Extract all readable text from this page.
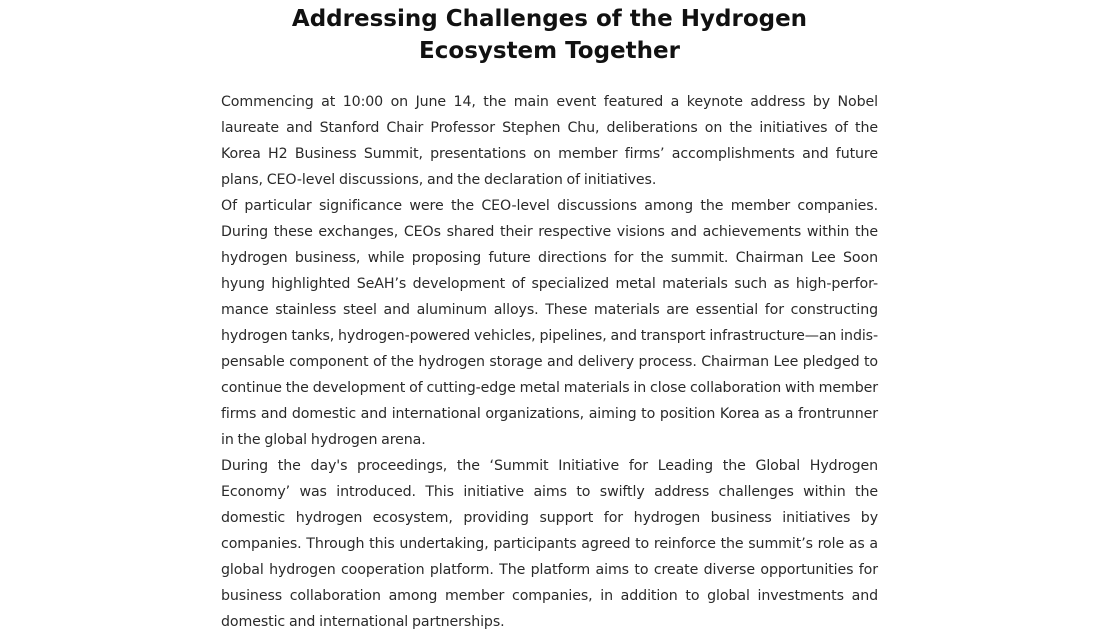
Addressing Challenges of the Hydrogen
Ecosystem Together

Commencing at 10:00 on June 14, the main event featured a keynote address by Nobel laureate and Stanford Chair Professor Stephen Chu, deliberations on the initiatives of the Korea H2 Business Summit, presentations on member firms’ accomplishments and future plans, CEO-level discussions, and the declaration of initiatives.

Of particular significance were the CEO-level discussions among the member companies. During these exchanges, CEOs shared their respective visions and achievements within the hydrogen business, while proposing future directions for the summit. Chairman Lee Soon hyung highlighted SeAH’s development of specialized metal materials such as high-perfor-mance stainless steel and aluminum alloys. These materials are essential for constructing hydrogen tanks, hydrogen-powered vehicles, pipelines, and transport infrastructure—an indis-pensable component of the hydrogen storage and delivery process. Chairman Lee pledged to continue the development of cutting-edge metal materials in close collaboration with member firms and domestic and international organizations, aiming to position Korea as a frontrunner in the global hydrogen arena.

During the day's proceedings, the ‘Summit Initiative for Leading the Global Hydrogen Economy’ was introduced. This initiative aims to swiftly address challenges within the domestic hydrogen ecosystem, providing support for hydrogen business initiatives by companies. Through this undertaking, participants agreed to reinforce the summit’s role as a global hydrogen cooperation platform. The platform aims to create diverse opportunities for business collaboration among member companies, in addition to global investments and domestic and international partnerships.
